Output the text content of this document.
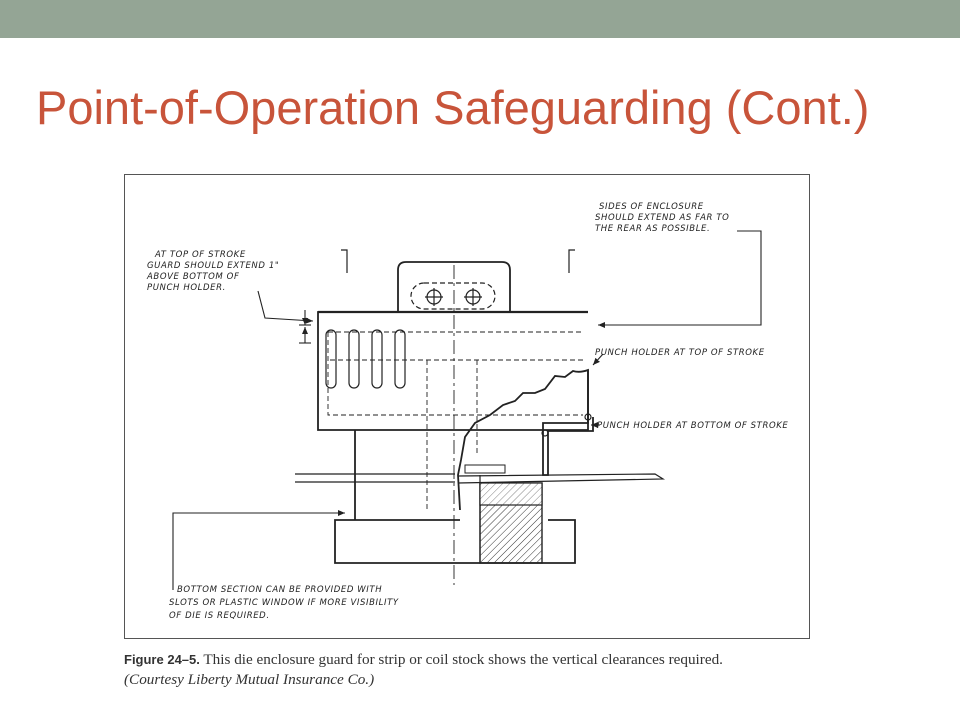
Point-of-Operation Safeguarding (Cont.)
SIDES OF ENCLOSURE
SHOULD EXTEND AS FAR TO
THE REAR AS POSSIBLE.
AT TOP OF STROKE
GUARD SHOULD EXTEND 1"
ABOVE BOTTOM OF
PUNCH HOLDER.
PUNCH HOLDER AT TOP OF STROKE
PUNCH HOLDER AT BOTTOM OF STROKE
BOTTOM SECTION CAN BE PROVIDED WITH
SLOTS OR PLASTIC WINDOW IF MORE VISIBILITY
OF DIE IS REQUIRED.
Figure 24–5. This die enclosure guard for strip or coil stock shows the vertical clearances required.
(Courtesy Liberty Mutual Insurance Co.)
